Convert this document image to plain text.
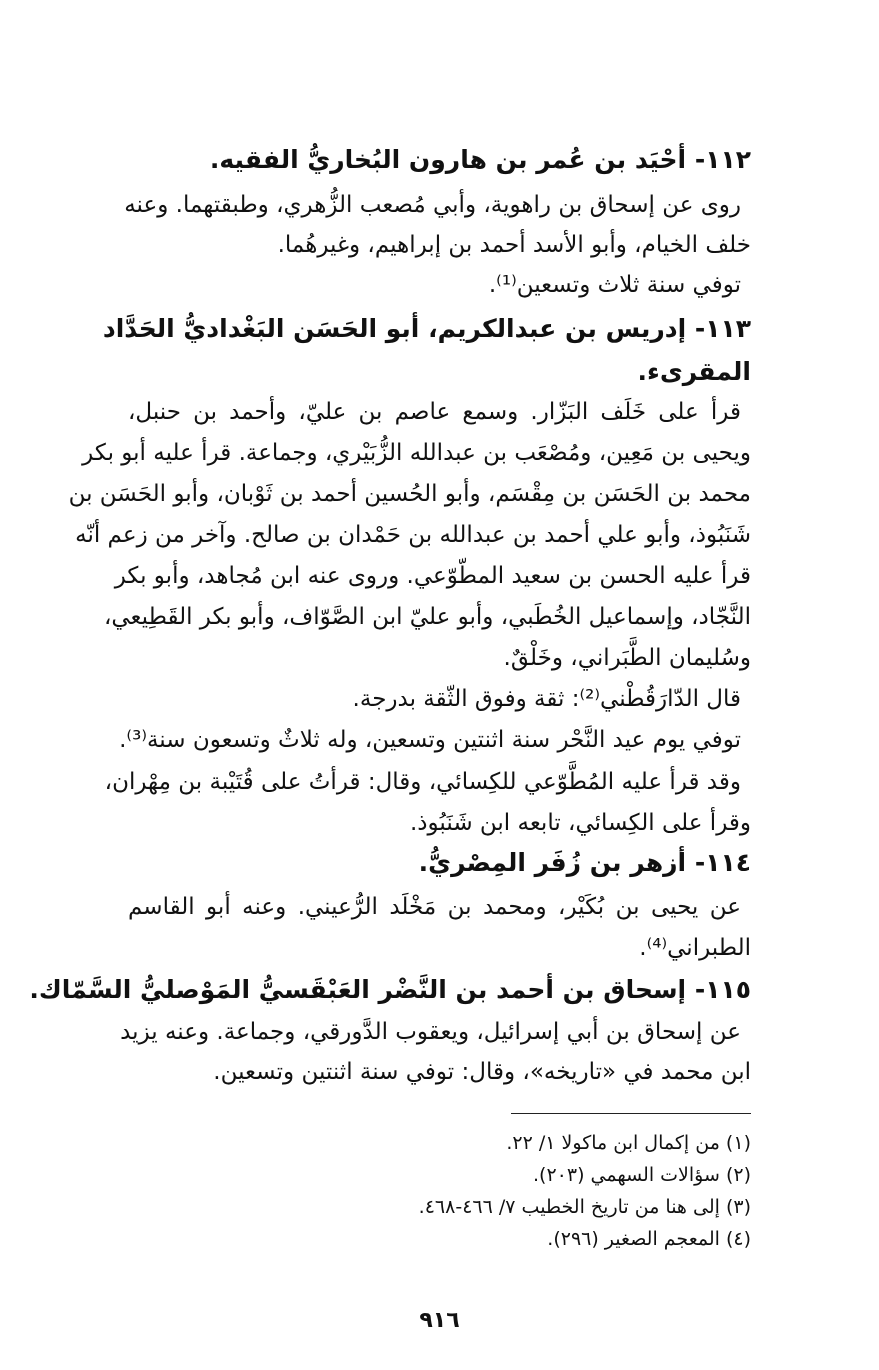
١١٢- أحْيَد بن عُمر بن هارون البُخاريُّ الفقيه.
روى عن إسحاق بن راهوية، وأبي مُصعب الزُّهري، وطبقتهما. وعنه
خلف الخيام، وأبو الأسد أحمد بن إبراهيم، وغيرهُما.
توفي سنة ثلاث وتسعين⁽¹⁾.
١١٣- إدريس بن عبدالكريم، أبو الحَسَن البَغْداديُّ الحَدَّاد
المقرىء.
قرأ على خَلَف البَزّار. وسمع عاصم بن عليّ، وأحمد بن حنبل،
ويحيى بن مَعِين، ومُصْعَب بن عبدالله الزُّبَيْري، وجماعة. قرأ عليه أبو بكر
محمد بن الحَسَن بن مِقْسَم، وأبو الحُسين أحمد بن ثَوْبان، وأبو الحَسَن بن
شَنَبُوذ، وأبو علي أحمد بن عبدالله بن حَمْدان بن صالح. وآخر من زعم أنّه
قرأ عليه الحسن بن سعيد المطّوّعي. وروى عنه ابن مُجاهد، وأبو بكر
النَّجّاد، وإسماعيل الخُطَبي، وأبو عليّ ابن الصَّوّاف، وأبو بكر القَطِيعي،
وسُليمان الطَّبَراني، وخَلْقٌ.
قال الدّارَقُطْني⁽²⁾: ثقة وفوق الثّقة بدرجة.
توفي يوم عيد النَّحْر سنة اثنتين وتسعين، وله ثلاثٌ وتسعون سنة⁽³⁾.
وقد قرأ عليه المُطَّوّعي للكِسائي، وقال: قرأتُ على قُتَيْبة بن مِهْران،
وقرأ على الكِسائي، تابعه ابن شَنَبُوذ.
١١٤- أزهر بن زُفَر المِصْريُّ.
عن يحيى بن بُكَيْر، ومحمد بن مَخْلَد الرُّعيني. وعنه أبو القاسم
الطبراني⁽⁴⁾.
١١٥- إسحاق بن أحمد بن النَّضْر العَبْقَسيُّ المَوْصليُّ السَّمّاك.
عن إسحاق بن أبي إسرائيل، ويعقوب الدَّورقي، وجماعة. وعنه يزيد
ابن محمد في «تاريخه»، وقال: توفي سنة اثنتين وتسعين.
(١) من إكمال ابن ماكولا ١/ ٢٢.
(٢) سؤالات السهمي (٢٠٣).
(٣) إلى هنا من تاريخ الخطيب ٧/ ٤٦٦-٤٦٨.
(٤) المعجم الصغير (٢٩٦).
٩١٦
